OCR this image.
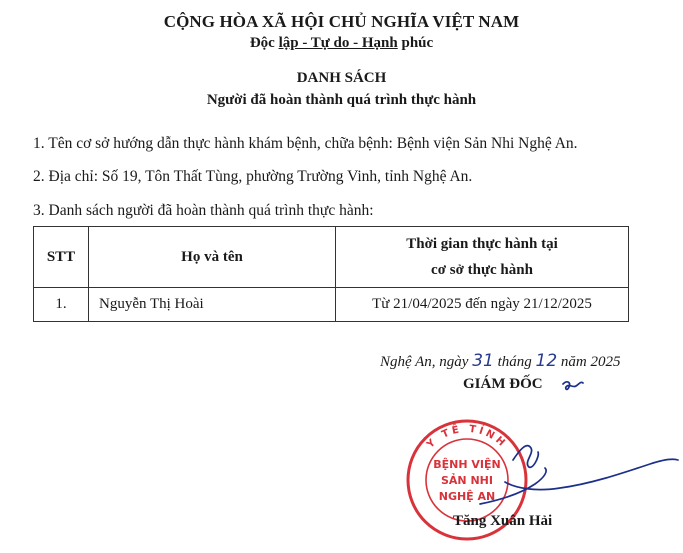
CỘNG HÒA XÃ HỘI CHỦ NGHĨA VIỆT NAM
Độc lập - Tự do - Hạnh phúc
DANH SÁCH
Người đã hoàn thành quá trình thực hành
1. Tên cơ sở hướng dẫn thực hành khám bệnh, chữa bệnh: Bệnh viện Sản Nhi Nghệ An.
2. Địa chỉ: Số 19, Tôn Thất Tùng, phường Trường Vinh, tỉnh Nghệ An.
3. Danh sách người đã hoàn thành quá trình thực hành:
STT	Họ và tên	Thời gian thực hành tại
cơ sở thực hành

1.	Nguyễn Thị Hoài	Từ 21/04/2025 đến ngày 21/12/2025
Nghệ An, ngày 31 tháng 12 năm 2025
GIÁM ĐỐC
Y TẾ TỈNH
BỆNH VIỆN
SẢN NHI
NGHỆ AN
Tăng Xuân Hải
